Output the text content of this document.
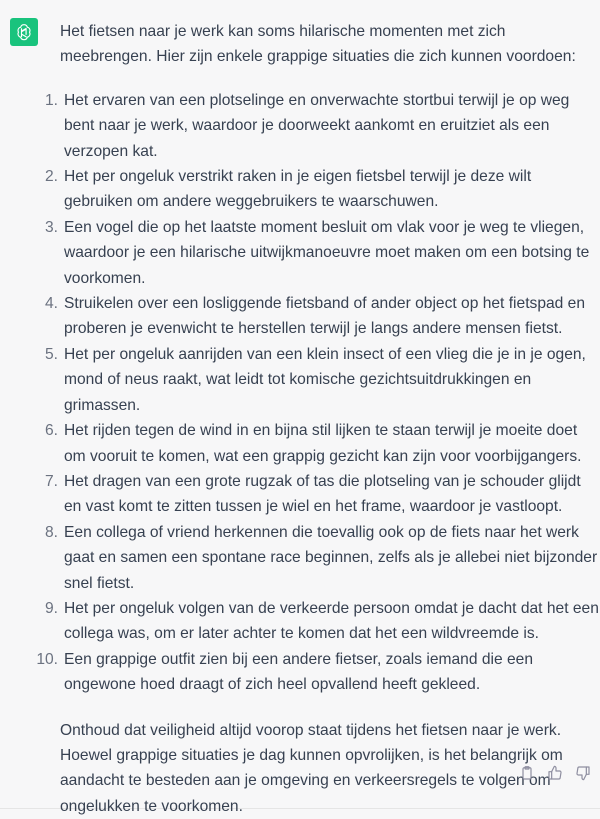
Het fietsen naar je werk kan soms hilarische momenten met zich meebrengen. Hier zijn enkele grappige situaties die zich kunnen voordoen:

1. Het ervaren van een plotselinge en onverwachte stortbui terwijl je op weg bent naar je werk, waardoor je doorweekt aankomt en eruitziet als een verzopen kat.
2. Het per ongeluk verstrikt raken in je eigen fietsbel terwijl je deze wilt gebruiken om andere weggebruikers te waarschuwen.
3. Een vogel die op het laatste moment besluit om vlak voor je weg te vliegen, waardoor je een hilarische uitwijkmanoeuvre moet maken om een botsing te voorkomen.
4. Struikelen over een losliggende fietsband of ander object op het fietspad en proberen je evenwicht te herstellen terwijl je langs andere mensen fietst.
5. Het per ongeluk aanrijden van een klein insect of een vlieg die je in je ogen, mond of neus raakt, wat leidt tot komische gezichtsuitdrukkingen en grimassen.
6. Het rijden tegen de wind in en bijna stil lijken te staan terwijl je moeite doet om vooruit te komen, wat een grappig gezicht kan zijn voor voorbijgangers.
7. Het dragen van een grote rugzak of tas die plotseling van je schouder glijdt en vast komt te zitten tussen je wiel en het frame, waardoor je vastloopt.
8. Een collega of vriend herkennen die toevallig ook op de fiets naar het werk gaat en samen een spontane race beginnen, zelfs als je allebei niet bijzonder snel fietst.
9. Het per ongeluk volgen van de verkeerde persoon omdat je dacht dat het een collega was, om er later achter te komen dat het een wildvreemde is.
10. Een grappige outfit zien bij een andere fietser, zoals iemand die een ongewone hoed draagt of zich heel opvallend heeft gekleed.

Onthoud dat veiligheid altijd voorop staat tijdens het fietsen naar je werk. Hoewel grappige situaties je dag kunnen opvrolijken, is het belangrijk om aandacht te besteden aan je omgeving en verkeersregels te volgen om ongelukken te voorkomen.
